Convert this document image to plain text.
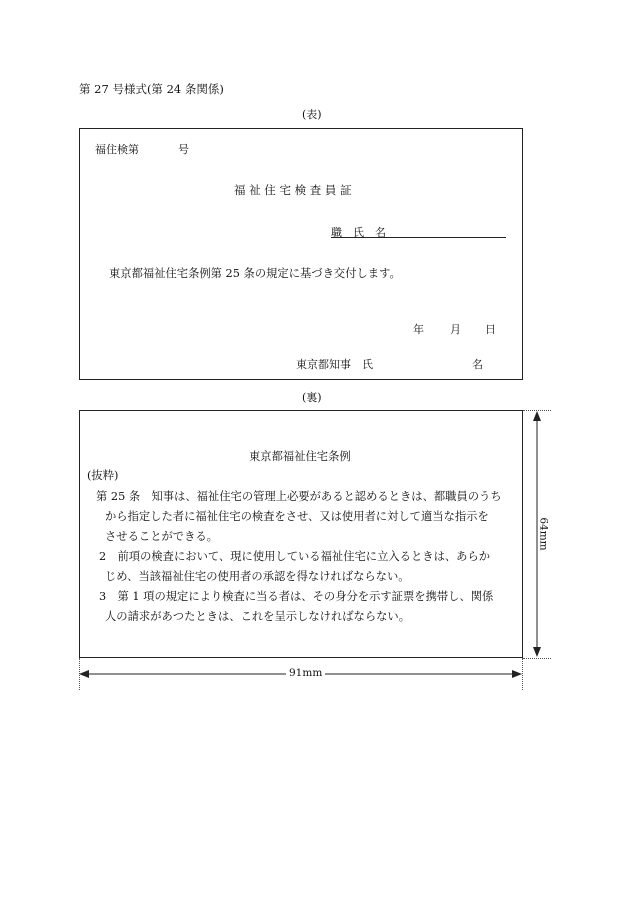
第 27 号様式(第 24 条関係)
(表)
福住検第	号
福 祉 住 宅 検 査 員 証
職　氏　名
東京都福祉住宅条例第 25 条の規定に基づき交付します。
年 月 日
東京都知事　氏	名
(裏)
東京都福祉住宅条例
(抜粋)
第 25 条　知事は、福祉住宅の管理上必要があると認めるときは、都職員のうち
から指定した者に福祉住宅の検査をさせ、又は使用者に対して適当な指示を
させることができる。
2　前項の検査において、現に使用している福祉住宅に立入るときは、あらか
じめ、当該福祉住宅の使用者の承認を得なければならない。
3　第 1 項の規定により検査に当る者は、その身分を示す証票を携帯し、関係
人の請求があつたときは、これを呈示しなければならない。
91mm
64mm
